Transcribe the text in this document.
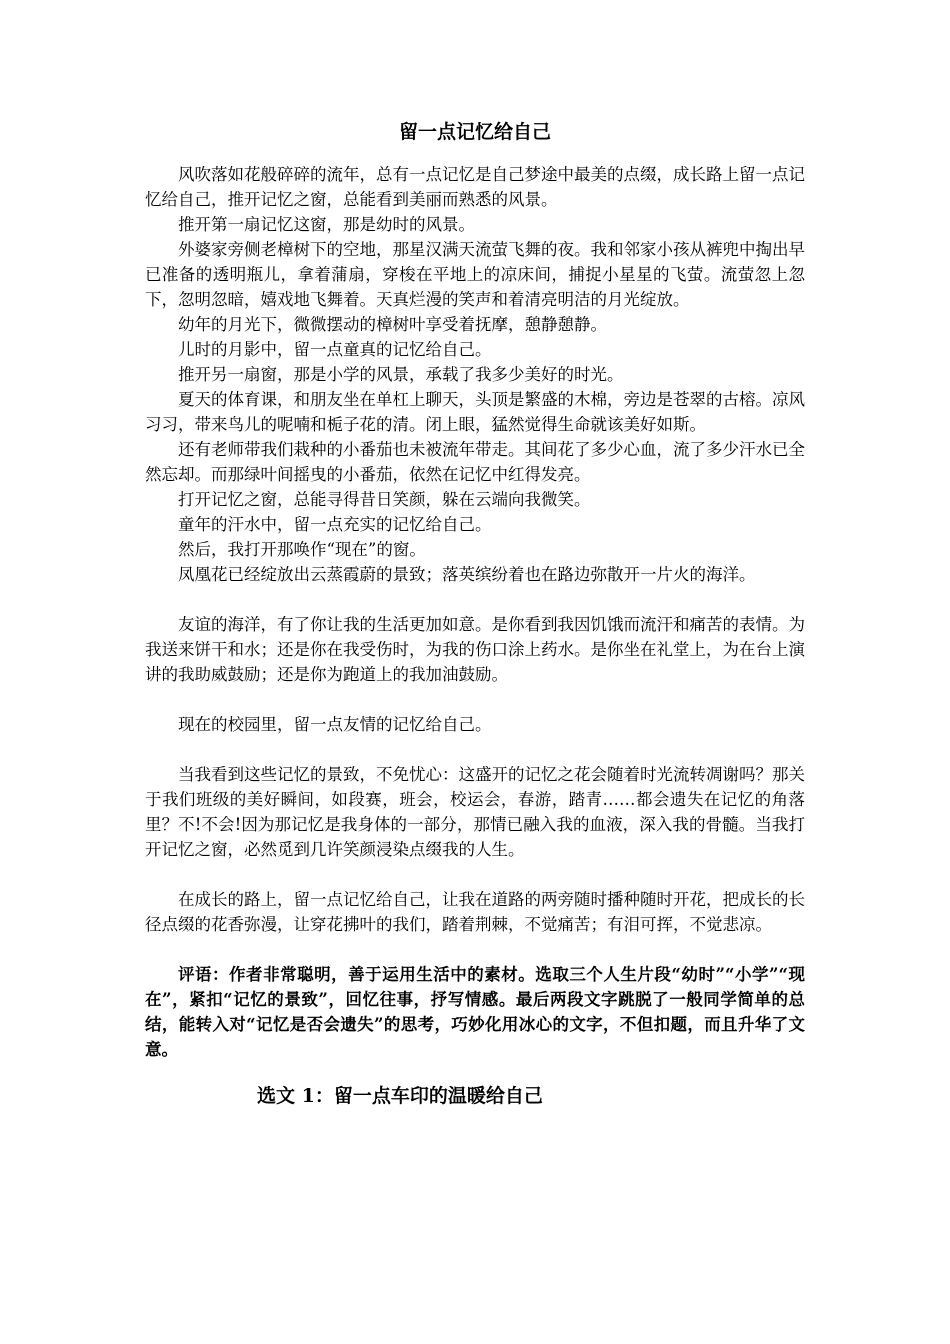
留一点记忆给自己

风吹落如花般碎碎的流年，总有一点记忆是自己梦途中最美的点缀，成长路上留一点记忆给自己，推开记忆之窗，总能看到美丽而熟悉的风景。

推开第一扇记忆这窗，那是幼时的风景。

外婆家旁侧老樟树下的空地，那星汉满天流萤飞舞的夜。我和邻家小孩从裤兜中掏出早已准备的透明瓶儿，拿着蒲扇，穿梭在平地上的凉床间，捕捉小星星的飞萤。流萤忽上忽下，忽明忽暗，嬉戏地飞舞着。天真烂漫的笑声和着清亮明洁的月光绽放。

幼年的月光下，微微摆动的樟树叶享受着抚摩，憩静憩静。

儿时的月影中，留一点童真的记忆给自己。

推开另一扇窗，那是小学的风景，承载了我多少美好的时光。

夏天的体育课，和朋友坐在单杠上聊天，头顶是繁盛的木棉，旁边是苍翠的古榕。凉风习习，带来鸟儿的呢喃和栀子花的清。闭上眼，猛然觉得生命就该美好如斯。

还有老师带我们栽种的小番茄也未被流年带走。其间花了多少心血，流了多少汗水已全然忘却。而那绿叶间摇曳的小番茄，依然在记忆中红得发亮。

打开记忆之窗，总能寻得昔日笑颜，躲在云端向我微笑。

童年的汗水中，留一点充实的记忆给自己。

然后，我打开那唤作“现在”的窗。

凤凰花已经绽放出云蒸霞蔚的景致；落英缤纷着也在路边弥散开一片火的海洋。

友谊的海洋，有了你让我的生活更加如意。是你看到我因饥饿而流汗和痛苦的表情。为我送来饼干和水；还是你在我受伤时，为我的伤口涂上药水。是你坐在礼堂上，为在台上演讲的我助威鼓励；还是你为跑道上的我加油鼓励。

现在的校园里，留一点友情的记忆给自己。

当我看到这些记忆的景致，不免忧心：这盛开的记忆之花会随着时光流转凋谢吗？那关于我们班级的美好瞬间，如段赛，班会，校运会，春游，踏青……都会遗失在记忆的角落里？不!不会!因为那记忆是我身体的一部分，那情已融入我的血液，深入我的骨髓。当我打开记忆之窗，必然觅到几许笑颜浸染点缀我的人生。

在成长的路上，留一点记忆给自己，让我在道路的两旁随时播种随时开花，把成长的长径点缀的花香弥漫，让穿花拂叶的我们，踏着荆棘，不觉痛苦；有泪可挥，不觉悲凉。

评语：作者非常聪明，善于运用生活中的素材。选取三个人生片段“幼时”“小学”“现在”，紧扣“记忆的景致”，回忆往事，抒写情感。最后两段文字跳脱了一般同学简单的总结，能转入对“记忆是否会遗失”的思考，巧妙化用冰心的文字，不但扣题，而且升华了文意。

选文 1：留一点车印的温暖给自己
